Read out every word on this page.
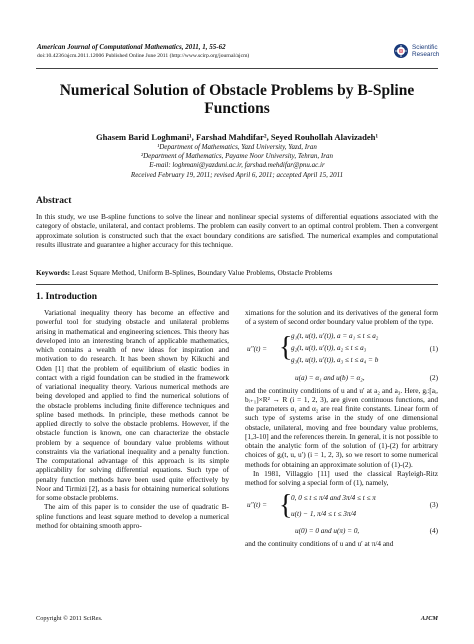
American Journal of Computational Mathematics, 2011, 1, 55-62
doi:10.4236/ajcm.2011.12006 Published Online June 2011 (http://www.scirp.org/journal/ajcm)
Scientific
Research
Numerical Solution of Obstacle Problems by B-Spline
Functions
Ghasem Barid Loghmani¹, Farshad Mahdifar², Seyed Rouhollah Alavizadeh¹
¹Department of Mathematics, Yazd University, Yazd, Iran
²Department of Mathematics, Payame Noor University, Tehran, Iran
E-mail: loghmani@yazduni.ac.ir, farshad.mehdifar@pnu.ac.ir
Received February 19, 2011; revised April 6, 2011; accepted April 15, 2011
Abstract
In this study, we use B-spline functions to solve the linear and nonlinear special systems of differential equations associated with the category of obstacle, unilateral, and contact problems. The problem can easily convert to an optimal control problem. Then a convergent approximate solution is constructed such that the exact boundary conditions are satisfied. The numerical examples and computational results illustrate and guarantee a higher accuracy for this technique.
Keywords: Least Square Method, Uniform B-Splines, Boundary Value Problems, Obstacle Problems
1. Introduction

Variational inequality theory has become an effective and powerful tool for studying obstacle and unilateral problems arising in mathematical and engineering sciences. This theory has developed into an interesting branch of applicable mathematics, which contains a wealth of new ideas for inspiration and motivation to do research. It has been shown by Kikuchi and Oden [1] that the problem of equilibrium of elastic bodies in contact with a rigid foundation can be studied in the framework of variational inequality theory. Various numerical methods are being developed and applied to find the numerical solutions of the obstacle problems including finite difference techniques and spline based methods. In principle, these methods cannot be applied directly to solve the obstacle problems. However, if the obstacle function is known, one can characterize the obstacle problem by a sequence of boundary value problems without constraints via the variational inequality and a penalty function. The computational advantage of this approach is its simple applicability for solving differential equations. Such type of penalty function methods have been used quite effectively by Noor and Tirmizi [2], as a basis for obtaining numerical solutions for some obstacle problems.

The aim of this paper is to consider the use of quadratic B-spline functions and least square method to develop a numerical method for obtaining smooth appro-

ximations for the solution and its derivatives of the general form of a system of second order boundary value problem of the type.

u″(t) = {
g₁(t, u(t), u′(t)), a = a₁ ≤ t ≤ a₂
g₂(t, u(t), u′(t)), a₂ ≤ t ≤ a₃
g₃(t, u(t), u′(t)), a₃ ≤ t ≤ a₄ = b
(1)
u(a) = α₁ and u(b) = α₂,	(2)

and the continuity conditions of u and u′ at a₂ and a₃. Here, gᵢ:[aᵢ, bᵢ₊₁]×R² → R (i = 1, 2, 3), are given continuous functions, and the parameters α₁ and α₂ are real finite constants. Linear form of such type of systems arise in the study of one dimensional obstacle, unilateral, moving and free boundary value problems, [1,3-10] and the references therein. In general, it is not possible to obtain the analytic form of the solution of (1)-(2) for arbitrary choices of gᵢ(t, u, u′) (i = 1, 2, 3), so we resort to some numerical methods for obtaining an approximate solution of (1)-(2).

In 1981, Villaggio [11] used the classical Rayleigh-Ritz method for solving a special form of (1), namely,

u″(t) = {
0, 0 ≤ t ≤ π/4 and 3π/4 ≤ t ≤ π
u(t) − 1, π/4 ≤ t ≤ 3π/4
(3)
u(0) = 0 and u(π) = 0,	(4)

and the continuity conditions of u and u′ at π/4 and

Copyright © 2011 SciRes.	AJCM
